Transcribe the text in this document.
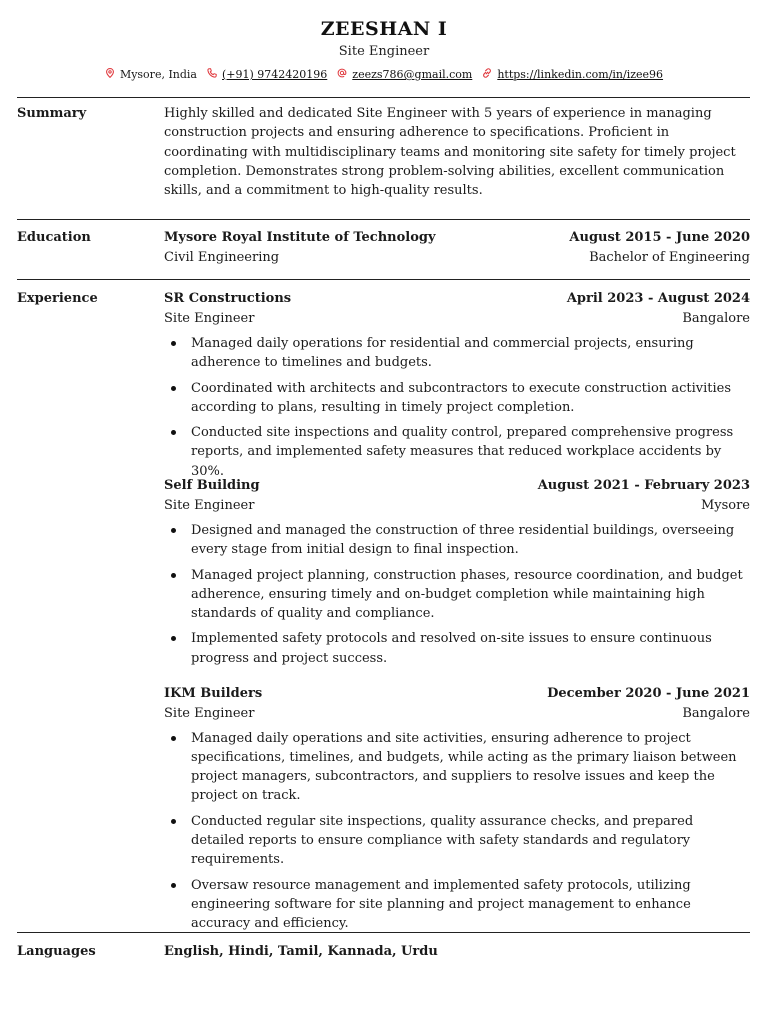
ZEESHAN I
Site Engineer
Mysore, India (+91) 9742420196 zeezs786@gmail.com https://linkedin.com/in/izee96
Summary	Highly skilled and dedicated Site Engineer with 5 years of experience in managing construction projects and ensuring adherence to specifications. Proficient in coordinating with multidisciplinary teams and monitoring site safety for timely project completion. Demonstrates strong problem-solving abilities, excellent communication skills, and a commitment to high-quality results.
Education	Mysore Royal Institute of Technology	August 2015 - June 2020
Civil Engineering	Bachelor of Engineering
Experience	SR Constructions	April 2023 - August 2024
Site Engineer	Bangalore
Managed daily operations for residential and commercial projects, ensuring adherence to timelines and budgets.
Coordinated with architects and subcontractors to execute construction activities according to plans, resulting in timely project completion.
Conducted site inspections and quality control, prepared comprehensive progress reports, and implemented safety measures that reduced workplace accidents by 30%.
Self Building	August 2021 - February 2023
Site Engineer	Mysore
Designed and managed the construction of three residential buildings, overseeing every stage from initial design to final inspection.
Managed project planning, construction phases, resource coordination, and budget adherence, ensuring timely and on-budget completion while maintaining high standards of quality and compliance.
Implemented safety protocols and resolved on-site issues to ensure continuous progress and project success.
IKM Builders	December 2020 - June 2021
Site Engineer	Bangalore
Managed daily operations and site activities, ensuring adherence to project specifications, timelines, and budgets, while acting as the primary liaison between project managers, subcontractors, and suppliers to resolve issues and keep the project on track.
Conducted regular site inspections, quality assurance checks, and prepared detailed reports to ensure compliance with safety standards and regulatory requirements.
Oversaw resource management and implemented safety protocols, utilizing engineering software for site planning and project management to enhance accuracy and efficiency.
Languages	English, Hindi, Tamil, Kannada, Urdu
